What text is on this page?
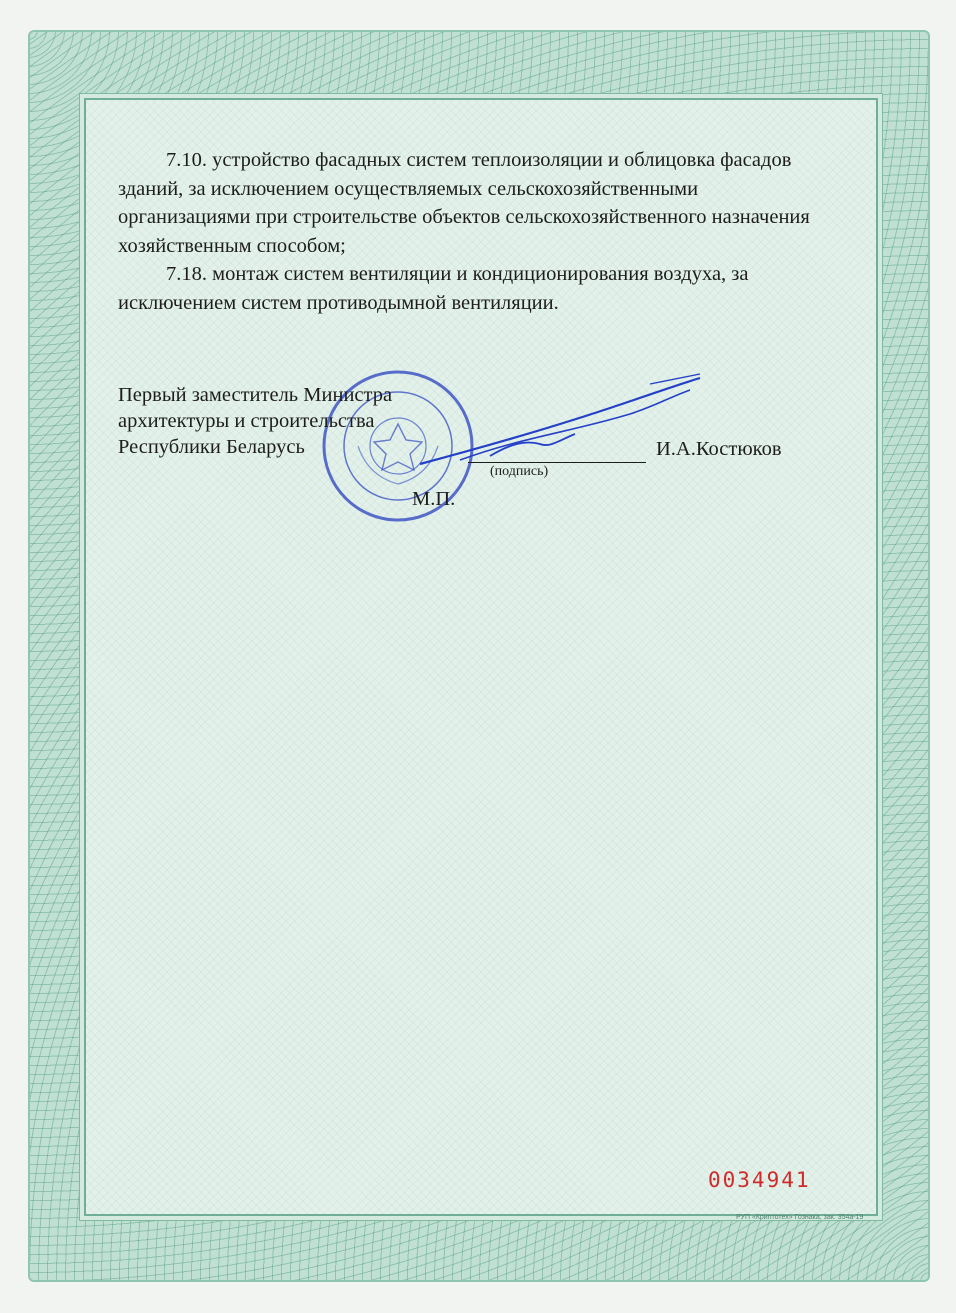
7.10. устройство фасадных систем теплоизоляции и облицовка фасадов зданий, за исключением осуществляемых сельскохозяйственными организациями при строительстве объектов сельскохозяйственного назначения хозяйственным способом;

7.18. монтаж систем вентиляции и кондиционирования воздуха, за исключением систем противодымной вентиляции.

Первый заместитель Министра
архитектуры и строительства
Республики Беларусь
(подпись)
И.А.Костюков
М.П.
0034941
РУП «Криптотех» Гознака, зак. 354а-19
